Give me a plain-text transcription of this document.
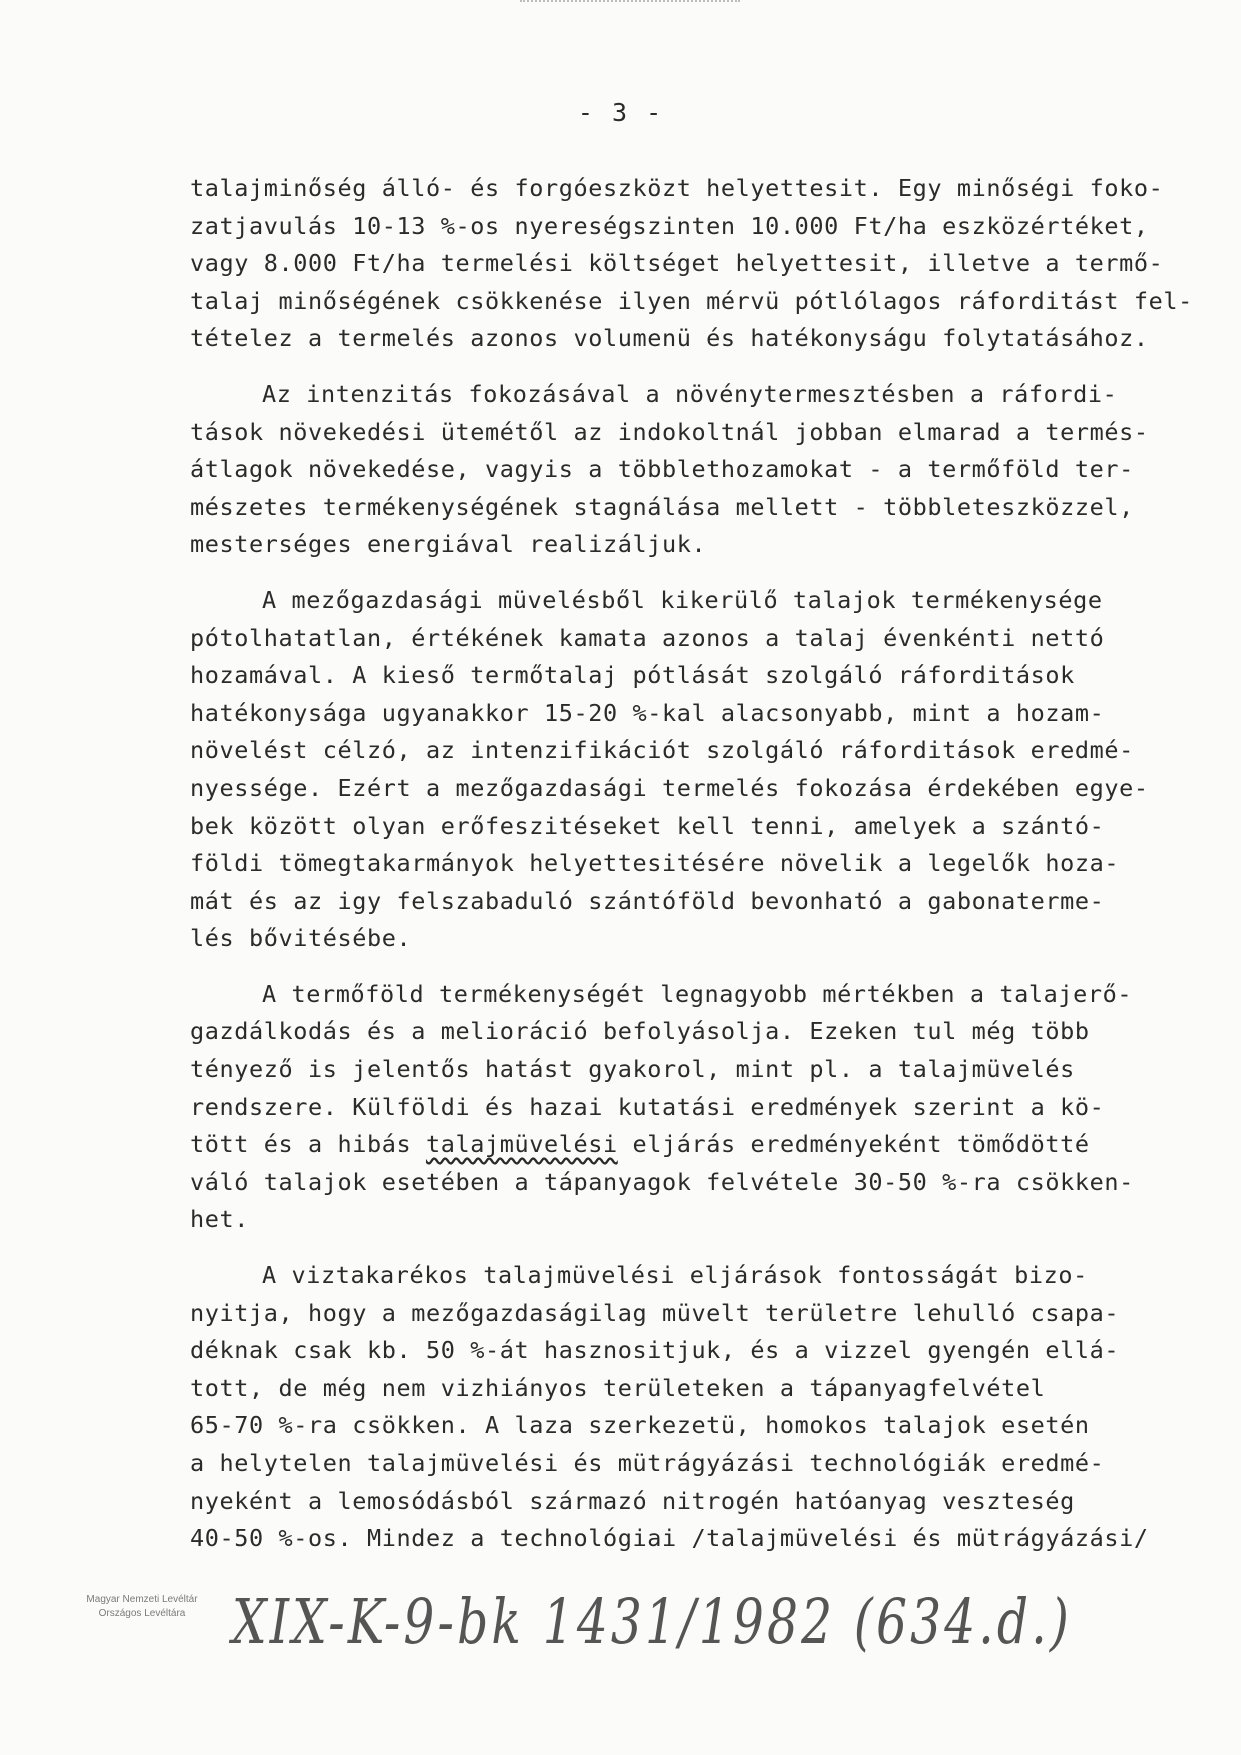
- 3 -
talajminőség álló- és forgóeszközt helyettesit. Egy minőségi foko-
zatjavulás 10-13 %-os nyereségszinten 10.000 Ft/ha eszközértéket,
vagy 8.000 Ft/ha termelési költséget helyettesit, illetve a termő-
talaj minőségének csökkenése ilyen mérvü pótlólagos ráforditást fel-
tételez a termelés azonos volumenü és hatékonyságu folytatásához.
Az intenzitás fokozásával a növénytermesztésben a ráfordi-
tások növekedési ütemétől az indokoltnál jobban elmarad a termés-
átlagok növekedése, vagyis a többlethozamokat - a termőföld ter-
mészetes termékenységének stagnálása mellett - többleteszközzel,
mesterséges energiával realizáljuk.
A mezőgazdasági müvelésből kikerülő talajok termékenysége
pótolhatatlan, értékének kamata azonos a talaj évenkénti nettó
hozamával. A kieső termőtalaj pótlását szolgáló ráforditások
hatékonysága ugyanakkor 15-20 %-kal alacsonyabb, mint a hozam-
növelést célzó, az intenzifikációt szolgáló ráforditások eredmé-
nyessége. Ezért a mezőgazdasági termelés fokozása érdekében egye-
bek között olyan erőfeszitéseket kell tenni, amelyek a szántó-
földi tömegtakarmányok helyettesitésére növelik a legelők hoza-
mát és az igy felszabaduló szántóföld bevonható a gabonaterme-
lés bővitésébe.
A termőföld termékenységét legnagyobb mértékben a talajerő-
gazdálkodás és a melioráció befolyásolja. Ezeken tul még több
tényező is jelentős hatást gyakorol, mint pl. a talajmüvelés
rendszere. Külföldi és hazai kutatási eredmények szerint a kö-
tött és a hibás talajmüvelési eljárás eredményeként tömődötté
váló talajok esetében a tápanyagok felvétele 30-50 %-ra csökken-
het.
A viztakarékos talajmüvelési eljárások fontosságát bizo-
nyitja, hogy a mezőgazdaságilag müvelt területre lehulló csapa-
déknak csak kb. 50 %-át hasznositjuk, és a vizzel gyengén ellá-
tott, de még nem vizhiányos területeken a tápanyagfelvétel
65-70 %-ra csökken. A laza szerkezetü, homokos talajok esetén
a helytelen talajmüvelési és mütrágyázási technológiák eredmé-
nyeként a lemosódásból származó nitrogén hatóanyag veszteség
40-50 %-os. Mindez a technológiai /talajmüvelési és mütrágyázási/
Magyar Nemzeti Levéltár
Országos Levéltára XIX-K-9-bk 1431/1982 (634.d.)
